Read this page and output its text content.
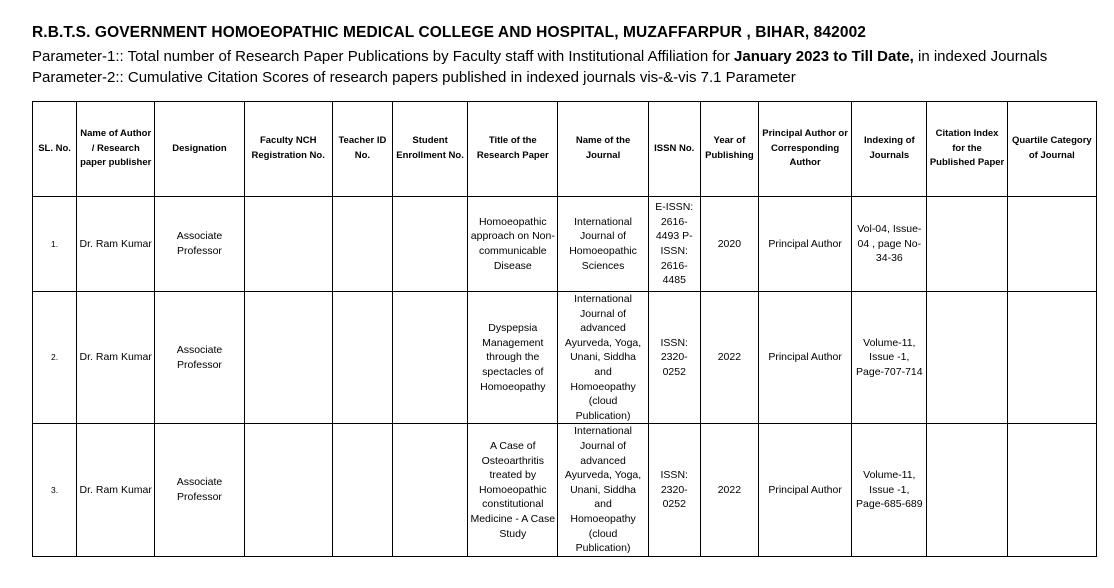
R.B.T.S. GOVERNMENT HOMOEOPATHIC MEDICAL COLLEGE AND HOSPITAL, MUZAFFARPUR , BIHAR, 842002
Parameter-1:: Total number of Research Paper Publications by Faculty staff with Institutional Affiliation for January 2023 to Till Date, in indexed Journals
Parameter-2:: Cumulative Citation Scores of research papers published in indexed journals vis-&-vis 7.1 Parameter
SL. No.	Name of Author / Research paper publisher	Designation	Faculty NCH Registration No.	Teacher ID No.	Student Enrollment No.	Title of the Research Paper	Name of the Journal	ISSN No.	Year of Publishing	Principal Author or Corresponding Author	Indexing of Journals	Citation Index for the Published Paper	Quartile Category of Journal
1.	Dr. Ram Kumar	Associate Professor				Homoeopathic approach on Non-communicable Disease	International Journal of Homoeopathic Sciences	E-ISSN: 2616-4493 P-ISSN: 2616-4485	2020	Principal Author	Vol-04, Issue-04 , page No-34-36		
2.	Dr. Ram Kumar	Associate Professor				Dyspepsia Management through the spectacles of Homoeopathy	International Journal of advanced Ayurveda, Yoga, Unani, Siddha and Homoeopathy (cloud Publication)	ISSN: 2320-0252	2022	Principal Author	Volume-11, Issue -1, Page-707-714		
3.	Dr. Ram Kumar	Associate Professor				A Case of Osteoarthritis treated by Homoeopathic constitutional Medicine - A Case Study	International Journal of advanced Ayurveda, Yoga, Unani, Siddha and Homoeopathy (cloud Publication)	ISSN: 2320-0252	2022	Principal Author	Volume-11, Issue -1, Page-685-689		
